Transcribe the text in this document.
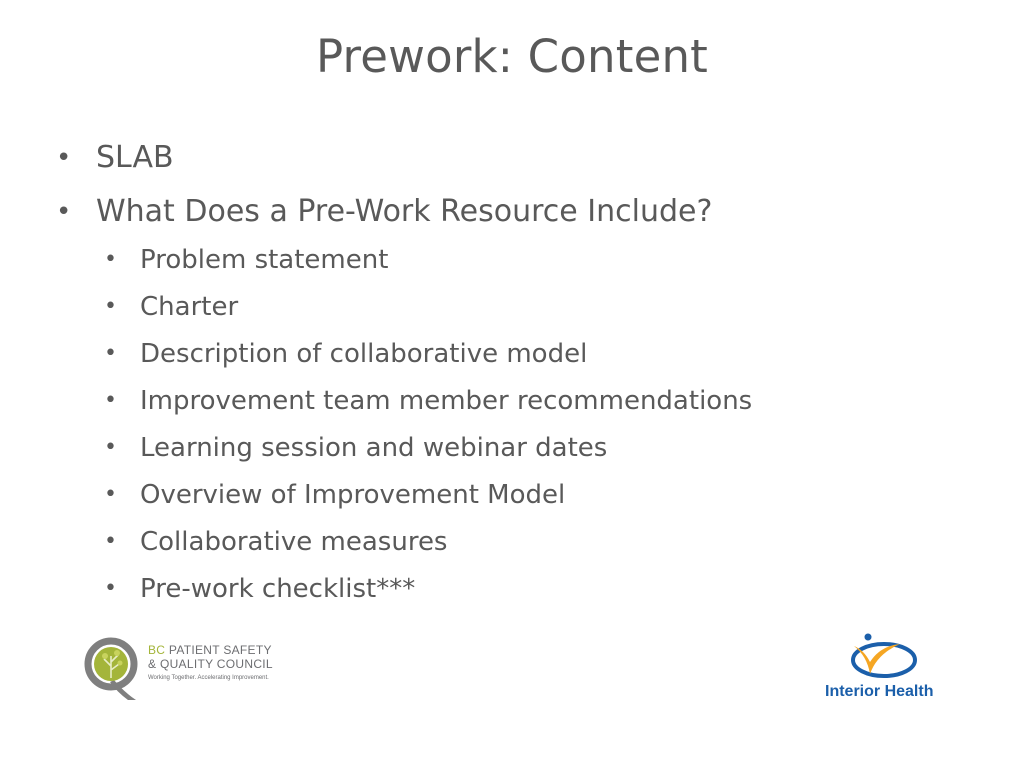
Prework: Content
• SLAB
• What Does a Pre-Work Resource Include?
• Problem statement
• Charter
• Description of collaborative model
• Improvement team member recommendations
• Learning session and webinar dates
• Overview of Improvement Model
• Collaborative measures
• Pre-work checklist***
BC PATIENT SAFETY
& QUALITY COUNCIL
Working Together. Accelerating Improvement.
Interior Health
